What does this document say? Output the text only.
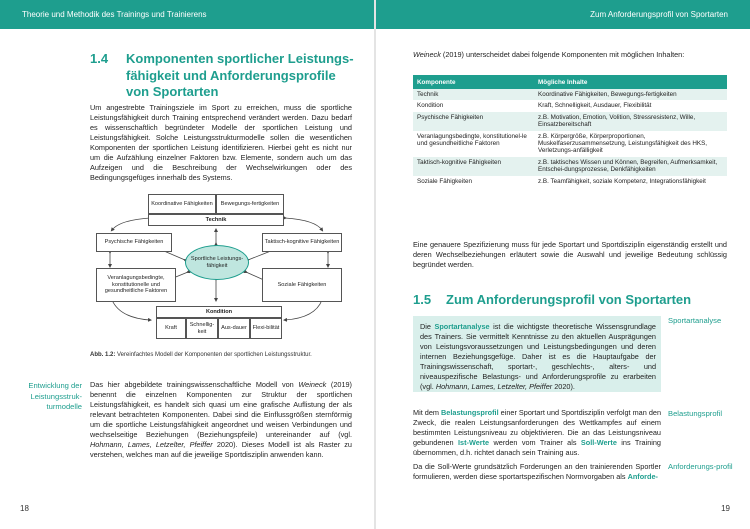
Theorie und Methodik des Trainings und Trainierens
1.4 Komponenten sportlicher Leistungsfähigkeit und Anforderungsprofile von Sportarten

Um angestrebte Trainingsziele im Sport zu erreichen, muss die sportliche Leistungsfähigkeit durch Training entsprechend verändert werden. Dazu bedarf es wissenschaftlich begründeter Modelle der sportlichen Leistung und Leistungsfähigkeit. Solche Leistungsstrukturmodelle sollen die wesentlichen Komponenten der sportlichen Leistung identifizieren. Hierbei geht es nicht nur um die Aufzählung einzelner Faktoren bzw. Elemente, sondern auch um das Aufzeigen und die Beschreibung der Wechselwirkungen oder des Bedingungsgefüges innerhalb des Systems.

Koordinative Fähigkeiten	Bewegungs-fertigkeiten
Technik
Psychische Fähigkeiten	Taktisch-kognitive Fähigkeiten
Sportliche Leistungs-fähigkeit
Veranlagungsbedingte, konstitutionelle und gesundheitliche Faktoren
Soziale Fähigkeiten
Kondition
Kraft
Schnellig-keit
Aus-dauer	Flexi-bilität
Abb. 1.2: Vereinfachtes Modell der Komponenten der sportlichen Leistungsstruktur.
Entwicklung der Leistungsstruk-turmodelle

Das hier abgebildete trainingswissenschaftliche Modell von Weineck (2019) benennt die einzelnen Komponenten zur Struktur der sportlichen Leistungsfähigkeit, es handelt sich quasi um eine grafische Auflistung der als relevant betrachteten Komponenten. Dabei sind die Einflussgrößen sternförmig um die sportliche Leistungsfähigkeit angeordnet und weisen Verbindungen und wechselseitige Beziehungen (Beziehungspfeile) untereinander auf (vgl. Hohmann, Lames, Letzelter, Pfeiffer 2020). Dieses Modell ist als Raster zu verstehen, welches man auf die jeweilige Sportdisziplin anwenden kann.

18
Zum Anforderungsprofil von Sportarten

Weineck (2019) unterscheidet dabei folgende Komponenten mit möglichen Inhalten:

19
Komponente	Mögliche Inhalte
Technik	Koordinative Fähigkeiten, Bewegungs-fertigkeiten
Kondition	Kraft, Schnelligkeit, Ausdauer, Flexibilität
Psychische Fähigkeiten	z.B. Motivation, Emotion, Volition, Stressresistenz, Wille, Einsatzbereitschaft
Veranlagungsbedingte, konstitutionel-le und gesundheitliche Faktoren	z.B. Körpergröße, Körperproportionen, Muskelfaserzusammensetzung, Leistungsfähigkeit des HKS, Verletzungs-anfälligkeit
Taktisch-kognitive Fähigkeiten	z.B. taktisches Wissen und Können, Begreifen, Aufmerksamkeit, Entschei-dungsprozesse, Denkfähigkeiten
Soziale Fähigkeiten	z.B. Teamfähigkeit, soziale Kompetenz, Integrationsfähigkeit

Eine genauere Spezifizierung muss für jede Sportart und Sportdisziplin eigenständig erstellt und deren Wechselbeziehungen erläutert sowie die Auswahl und jeweilige Bedeutung schlüssig begründet werden.

1.5 Zum Anforderungsprofil von Sportarten

Die Sportartanalyse ist die wichtigste theoretische Wissensgrundlage des Trainers. Sie vermittelt Kenntnisse zu den aktuellen Ausprägungen von Leistungsvoraussetzungen und Leistungsbedingungen und deren internen Beziehungsgefüge. Daher ist es die Hauptaufgabe der Trainingswissenschaft, sportart-, geschlechts-, alters- und niveauspezifische Belastungs- und Anforderungsprofile zu erarbeiten (vgl. Hohmann, Lames, Letzelter, Pfeiffer 2020).

Sportartanalyse

Mit dem Belastungsprofil einer Sportart und Sportdisziplin verfolgt man den Zweck, die realen Leistungsanforderungen des Wettkampfes auf einem bestimmten Leistungsniveau zu objektivieren. Die an das Leistungsniveau gebundenen Ist-Werte werden vom Trainer als Soll-Werte ins Training übernommen, d.h. richtet danach sein Training aus.

Belastungsprofil

Da die Soll-Werte grundsätzlich Forderungen an den trainierenden Sportler formulieren, werden diese sportartspezifischen Normvorgaben als Anforde-

Anforderungs-profil
